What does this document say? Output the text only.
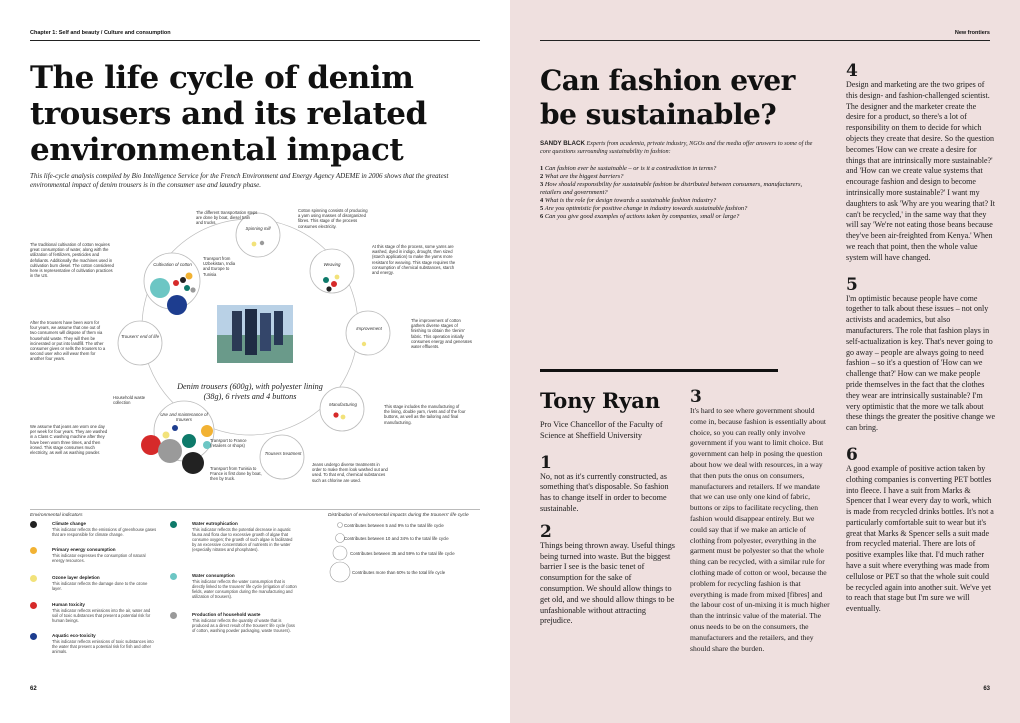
Chapter 1: Self and beauty / Culture and consumption
The life cycle of denim
trousers and its related
environmental impact
This life-cycle analysis compiled by Bio Intelligence Service for the French Environment and Energy Agency ADEME in 2006 shows that the greatest environmental impact of denim trousers is in the consumer use and laundry phase.
Denim trousers (600g), with polyester lining (38g), 6 rivets and 4 buttons
Spinning mill
Weaving
Cultivation of cotton
Improvement
Trousers' end of life
Manufacturing
Trousers treatment
Use and maintenance of trousers
Transport from Uzbekistan, India and Europe to Tunisia
Transport to France (retailers or shops)
Transport from Tunisia to France is first done by boat, then by truck.
Household waste collection
The different transportation steps are done by boat, diesel train and trucks.
Cotton spinning consists of producing a yarn using masses of disorganized fibres. This stage of the process consumes electricity.
The traditional cultivation of cotton requires great consumption of water, along with the utilization of fertilizers, pesticides and defoliants. Additionally the machines used in cultivation burn diesel. The cotton considered here is representative of cultivation practices in the US.
At this stage of the process, some yarns are washed, dyed in indigo, drought, then sized (starch application) to make the yarns more resistant for weaving. This stage requires the consumption of chemical substances, starch and energy.
The improvement of cotton gathers diverse stages of finishing to obtain the 'denim' fabric. This operation initially consumes energy and generates water effluents.
After the trousers have been worn for four years, we assume that one out of two consumers will dispose of them via household waste. They will then be incinerated or put into landfill. The other consumer gives or sells the trousers to a second user who will wear them for another four years.
This stage includes the manufacturing of the lining, double yarn, rivets and of the four buttons, as well as the tailoring and final manufacturing.
We assume that jeans are worn one day per week for four years. They are washed in a Class C washing machine after they have been worn three times, and then ironed. This stage consumes much electricity, as well as washing powder.
Jeans undergo diverse treatments in order to make them look washed out and used. To that end, chemical substances such as chlorine are used.
Environmental indicators
Climate change
This indicator reflects the emissions of greenhouse gases that are responsible for climate change.
Primary energy consumption
This indicator expresses the consumption of natural energy resources.
Ozone layer depletion
This indicator reflects the damage done to the ozone layer.
Human toxicity
This indicator reflects emissions into the air, water and soil of toxic substances that present a potential risk for human beings.
Aquatic eco-toxicity
This indicator reflects emissions of toxic substances into the water that present a potential risk for fish and other animals.
Water eutrophication
This indicator reflects the potential decrease in aquatic fauna and flora due to excessive growth of algae that consume oxygen; the growth of such algae is facilitated by an excessive concentration of nutrients in the water (especially nitrates and phosphates).
Water consumption
This indicator reflects the water consumption that is directly linked to the trousers' life cycle (irrigation of cotton fields, water consumption during the manufacturing and utilization of trousers).
Production of household waste
This indicator reflects the quantity of waste that is produced as a direct result of the trousers' life cycle (loss of cotton, washing powder packaging, waste trousers).
Distribution of environmental impacts during the trousers' life cycle
Contributes between 5 and 9% to the total life cycle
Contributes between 10 and 34% to the total life cycle
Contributes between 35 and 59% to the total life cycle
Contributes more than 60% to the total life cycle
62
New frontiers
Can fashion ever
be sustainable?
SANDY BLACK Experts from academia, private industry, NGOs and the media offer answers to some of the core questions surrounding sustainability in fashion:
1 Can fashion ever be sustainable – or is it a contradiction in terms?
2 What are the biggest barriers?
3 How should responsibility for sustainable fashion be distributed between consumers, manufacturers, retailers and government?
4 What is the role for design towards a sustainable fashion industry?
5 Are you optimistic for positive change in industry towards sustainable fashion?
6 Can you give good examples of actions taken by companies, small or large?
Tony Ryan
Pro Vice Chancellor of the Faculty of Science at Sheffield University
1
No, not as it's currently constructed, as something that's disposable. So fashion has to change itself in order to become sustainable.
2
Things being thrown away. Useful things being turned into waste. But the biggest barrier I see is the basic tenet of consumption for the sake of consumption. We should allow things to get old, and we should allow things to be unfashionable without attracting prejudice.
3
It's hard to see where government should come in, because fashion is essentially about choice, so you can really only involve government if you want to limit choice. But government can help in posing the question about how we deal with resources, in a way that then puts the onus on consumers, manufacturers and retailers. If we mandate that we can use only one kind of fabric, buttons or zips to facilitate recycling, then fashion would disappear entirely. But we could say that if we make an article of clothing from polyester, everything in the garment must be polyester so that the whole thing can be recycled, with a similar rule for clothing made of cotton or wool, because the problem for recycling fashion is that everything is made from mixed [fibres] and the labour cost of un-mixing it is much higher than the intrinsic value of the material. The onus needs to be on the consumers, the manufacturers and the retailers, and they should share the burden.
4
Design and marketing are the two gripes of this design- and fashion-challenged scientist. The designer and the marketer create the desire for a product, so there's a lot of responsibility on them to decide for which objects they create that desire. So the question becomes 'How can we create a desire for things that are intrinsically more sustainable?' and 'How can we create value systems that encourage fashion and design to become intrinsically more sustainable?' I want my daughters to ask 'Why are you wearing that? It can't be recycled,' in the same way that they will say 'We're not eating those beans because they've been air-freighted from Kenya.' When we reach that point, then the whole value system will have changed.
5
I'm optimistic because people have come together to talk about these issues – not only activists and academics, but also manufacturers. The role that fashion plays in self-actualization is key. That's never going to go away – people are always going to need fashion – so it's a question of 'How can we challenge that?' How can we make people pride themselves in the fact that the clothes they wear are intrinsically sustainable? I'm very optimistic that the more we talk about these things the greater the positive change we can bring.
6
A good example of positive action taken by clothing companies is converting PET bottles into fleece. I have a suit from Marks & Spencer that I wear every day to work, which is made from recycled drinks bottles. It's not a particularly comfortable suit to wear but it's great that Marks & Spencer sells a suit made from recycled material. There are lots of positive examples like that. I'd much rather have a suit where everything was made from cellulose or PET so that the whole suit could be recycled again into another suit. We've yet to reach that stage but I'm sure we will eventually.
63
